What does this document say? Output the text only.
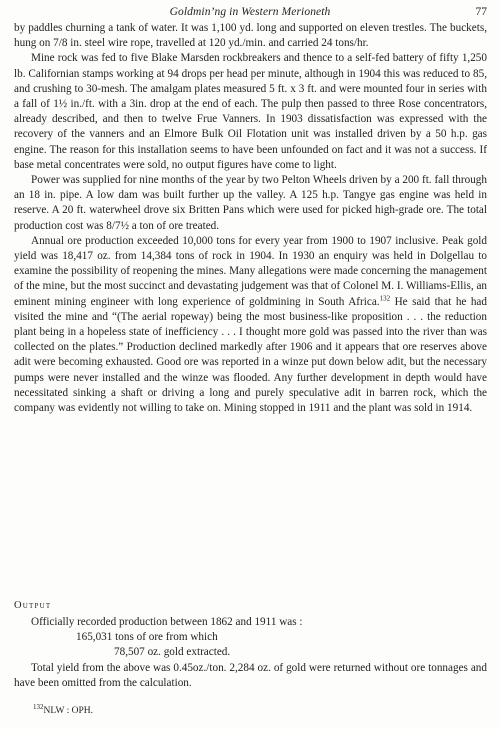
Goldmin’ng in Western Merioneth	77

by paddles churning a tank of water. It was 1,100 yd. long and supported on eleven trestles. The buckets, hung on 7/8 in. steel wire rope, travelled at 120 yd./min. and carried 24 tons/hr.

Mine rock was fed to five Blake Marsden rockbreakers and thence to a self-fed battery of fifty 1,250 lb. Californian stamps working at 94 drops per head per minute, although in 1904 this was reduced to 85, and crushing to 30-mesh. The amalgam plates measured 5 ft. x 3 ft. and were mounted four in series with a fall of 1½ in./ft. with a 3in. drop at the end of each. The pulp then passed to three Rose concentrators, already described, and then to twelve Frue Vanners. In 1903 dissatisfaction was expressed with the recovery of the vanners and an Elmore Bulk Oil Flotation unit was installed driven by a 50 h.p. gas engine. The reason for this installation seems to have been unfounded on fact and it was not a success. If base metal concentrates were sold, no output figures have come to light.

Power was supplied for nine months of the year by two Pelton Wheels driven by a 200 ft. fall through an 18 in. pipe. A low dam was built further up the valley. A 125 h.p. Tangye gas engine was held in reserve. A 20 ft. waterwheel drove six Britten Pans which were used for picked high-grade ore. The total production cost was 8/7½ a ton of ore treated.

Annual ore production exceeded 10,000 tons for every year from 1900 to 1907 inclusive. Peak gold yield was 18,417 oz. from 14,384 tons of rock in 1904. In 1930 an enquiry was held in Dolgellau to examine the possibility of reopening the mines. Many allegations were made concerning the management of the mine, but the most succinct and devastating judgement was that of Colonel M. I. Williams-Ellis, an eminent mining engineer with long experience of goldmining in South Africa.$^{132}$ He said that he had visited the mine and “(The aerial ropeway) being the most business-like proposition . . . the reduction plant being in a hopeless state of inefficiency . . . I thought more gold was passed into the river than was collected on the plates.” Production declined markedly after 1906 and it appears that ore reserves above adit were becoming exhausted. Good ore was reported in a winze put down below adit, but the necessary pumps were never installed and the winze was flooded. Any further development in depth would have necessitated sinking a shaft or driving a long and purely speculative adit in barren rock, which the company was evidently not willing to take on. Mining stopped in 1911 and the plant was sold in 1914.

Output

Officially recorded production between 1862 and 1911 was :

165,031 tons of ore from which

78,507 oz. gold extracted.

Total yield from the above was 0.45oz./ton. 2,284 oz. of gold were returned without ore tonnages and have been omitted from the calculation.

$^{132}$NLW : OPH.
